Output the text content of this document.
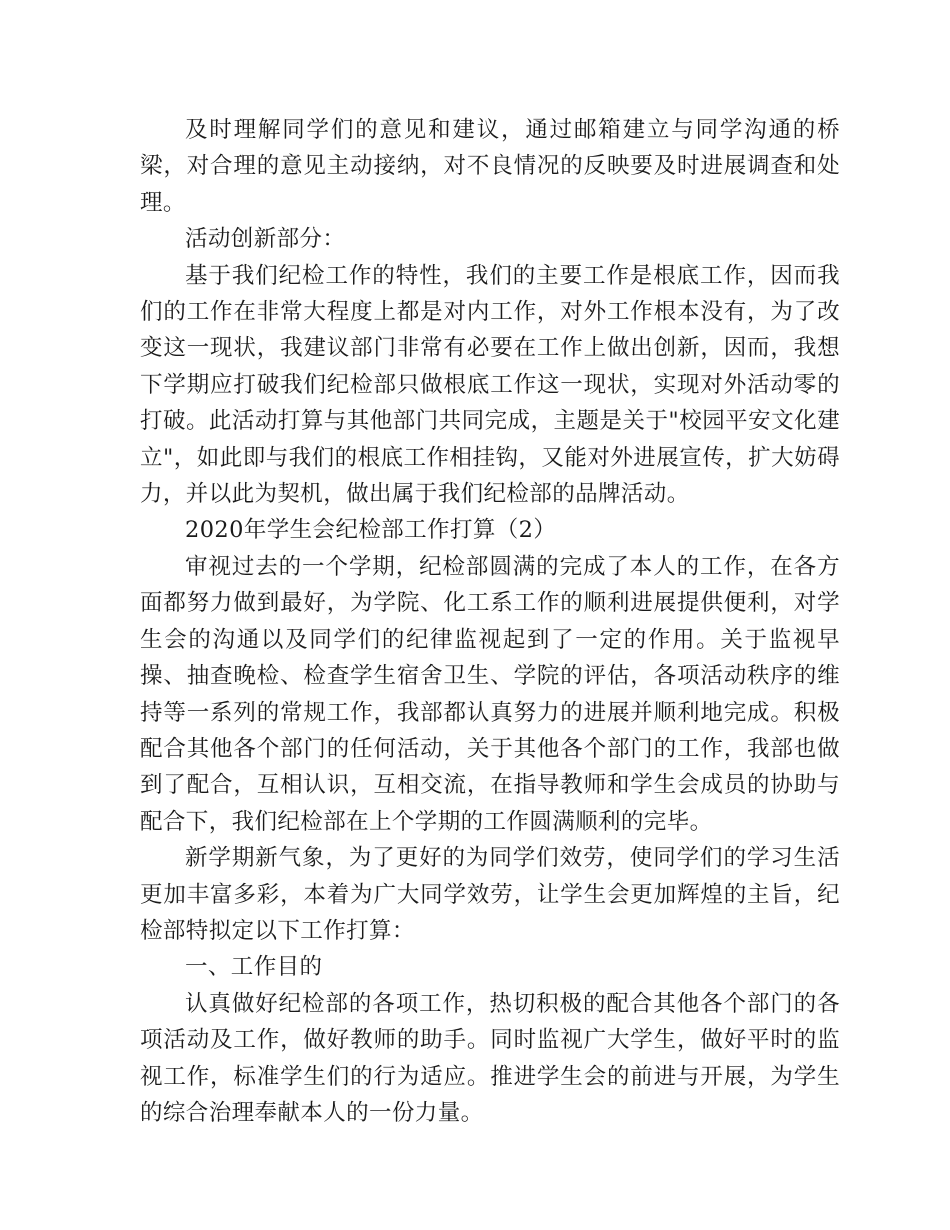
及时理解同学们的意见和建议，通过邮箱建立与同学沟通的桥梁，对合理的意见主动接纳，对不良情况的反映要及时进展调查和处理。

活动创新部分：

基于我们纪检工作的特性，我们的主要工作是根底工作，因而我们的工作在非常大程度上都是对内工作，对外工作根本没有，为了改变这一现状，我建议部门非常有必要在工作上做出创新，因而，我想下学期应打破我们纪检部只做根底工作这一现状，实现对外活动零的打破。此活动打算与其他部门共同完成，主题是关于"校园平安文化建立"，如此即与我们的根底工作相挂钩，又能对外进展宣传，扩大妨碍力，并以此为契机，做出属于我们纪检部的品牌活动。

2020年学生会纪检部工作打算（2）

审视过去的一个学期，纪检部圆满的完成了本人的工作，在各方面都努力做到最好，为学院、化工系工作的顺利进展提供便利，对学生会的沟通以及同学们的纪律监视起到了一定的作用。关于监视早操、抽查晚检、检查学生宿舍卫生、学院的评估，各项活动秩序的维持等一系列的常规工作，我部都认真努力的进展并顺利地完成。积极配合其他各个部门的任何活动，关于其他各个部门的工作，我部也做到了配合，互相认识，互相交流，在指导教师和学生会成员的协助与配合下，我们纪检部在上个学期的工作圆满顺利的完毕。

新学期新气象，为了更好的为同学们效劳，使同学们的学习生活更加丰富多彩，本着为广大同学效劳，让学生会更加辉煌的主旨，纪检部特拟定以下工作打算：

一、工作目的

认真做好纪检部的各项工作，热切积极的配合其他各个部门的各项活动及工作，做好教师的助手。同时监视广大学生，做好平时的监视工作，标准学生们的行为适应。推进学生会的前进与开展，为学生的综合治理奉献本人的一份力量。
